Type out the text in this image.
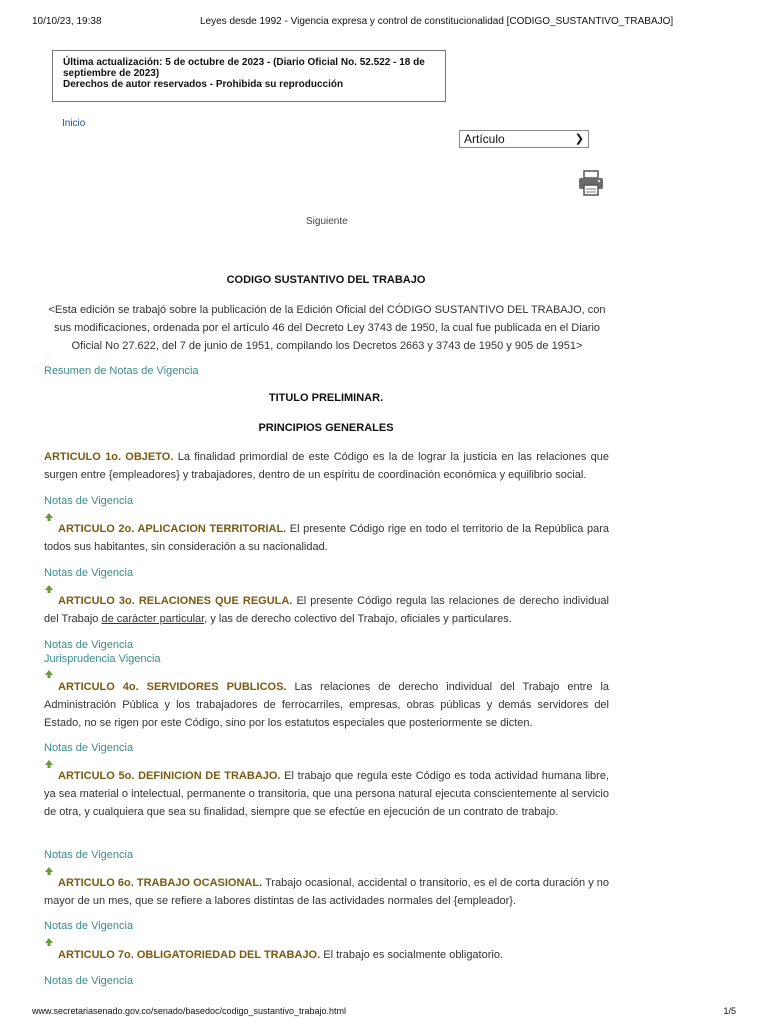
10/10/23, 19:38	Leyes desde 1992 - Vigencia expresa y control de constitucionalidad [CODIGO_SUSTANTIVO_TRABAJO]
Última actualización: 5 de octubre de 2023 - (Diario Oficial No. 52.522 - 18 de
septiembre de 2023)
Derechos de autor reservados - Prohibida su reproducción
Inicio
Artículo	❯
Siguiente
CODIGO SUSTANTIVO DEL TRABAJO
<Esta edición se trabajó sobre la publicación de la Edición Oficial del CÓDIGO SUSTANTIVO DEL TRABAJO, con sus modificaciones, ordenada por el artículo 46 del Decreto Ley 3743 de 1950, la cual fue publicada en el Diario Oficial No 27.622, del 7 de junio de 1951, compilando los Decretos 2663 y 3743 de 1950 y 905 de 1951>
Resumen de Notas de Vigencia
TITULO PRELIMINAR.
PRINCIPIOS GENERALES
ARTICULO 1o. OBJETO. La finalidad primordial de este Código es la de lograr la justicia en las relaciones que surgen entre {empleadores} y trabajadores, dentro de un espíritu de coordinación económica y equilibrio social.
Notas de Vigencia
ARTICULO 2o. APLICACION TERRITORIAL. El presente Código rige en todo el territorio de la República para todos sus habitantes, sin consideración a su nacionalidad.
Notas de Vigencia
ARTICULO 3o. RELACIONES QUE REGULA. El presente Código regula las relaciones de derecho individual del Trabajo de carácter particular, y las de derecho colectivo del Trabajo, oficiales y particulares.
Notas de Vigencia
Jurisprudencia Vigencia
ARTICULO 4o. SERVIDORES PUBLICOS. Las relaciones de derecho individual del Trabajo entre la Administración Pública y los trabajadores de ferrocarriles, empresas, obras públicas y demás servidores del Estado, no se rigen por este Código, sino por los estatutos especiales que posteriormente se dicten.
Notas de Vigencia
ARTICULO 5o. DEFINICION DE TRABAJO. El trabajo que regula este Código es toda actividad humana libre, ya sea material o intelectual, permanente o transitoria, que una persona natural ejecuta conscientemente al servicio de otra, y cualquiera que sea su finalidad, siempre que se efectúe en ejecución de un contrato de trabajo.
Notas de Vigencia
ARTICULO 6o. TRABAJO OCASIONAL. Trabajo ocasional, accidental o transitorio, es el de corta duración y no mayor de un mes, que se refiere a labores distintas de las actividades normales del {empleador}.
Notas de Vigencia
ARTICULO 7o. OBLIGATORIEDAD DEL TRABAJO. El trabajo es socialmente obligatorio.
Notas de Vigencia
www.secretariasenado.gov.co/senado/basedoc/codigo_sustantivo_trabajo.html	1/5
